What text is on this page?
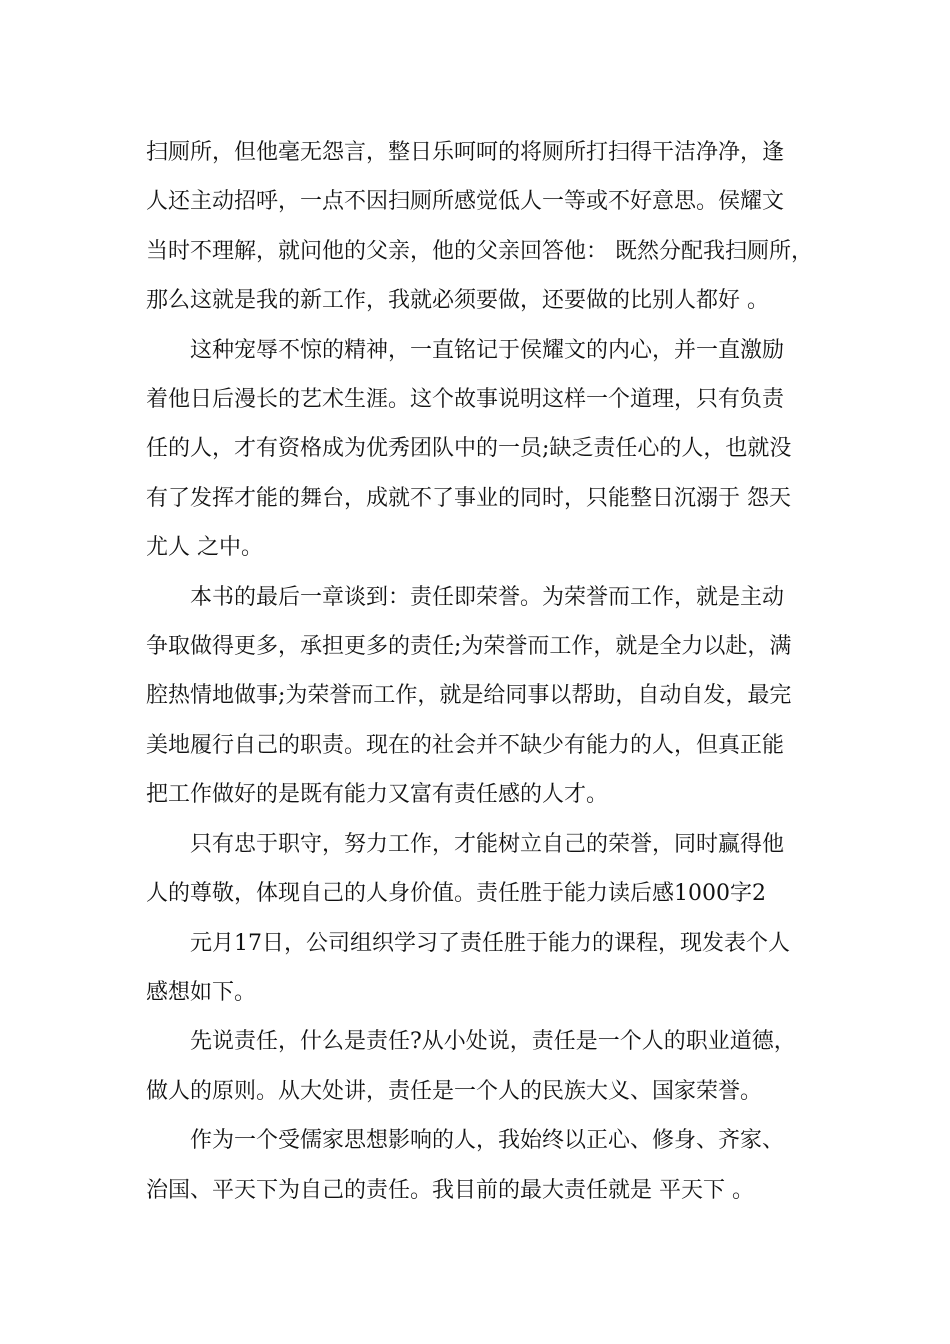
扫厕所，但他毫无怨言，整日乐呵呵的将厕所打扫得干洁净净，逢
人还主动招呼，一点不因扫厕所感觉低人一等或不好意思。侯耀文
当时不理解，就问他的父亲，他的父亲回答他： 既然分配我扫厕所，
那么这就是我的新工作，我就必须要做，还要做的比别人都好 。

这种宠辱不惊的精神，一直铭记于侯耀文的内心，并一直激励
着他日后漫长的艺术生涯。这个故事说明这样一个道理，只有负责
任的人，才有资格成为优秀团队中的一员;缺乏责任心的人，也就没
有了发挥才能的舞台，成就不了事业的同时，只能整日沉溺于 怨天
尤人 之中。

本书的最后一章谈到：责任即荣誉。为荣誉而工作，就是主动
争取做得更多，承担更多的责任;为荣誉而工作，就是全力以赴，满
腔热情地做事;为荣誉而工作，就是给同事以帮助，自动自发，最完
美地履行自己的职责。现在的社会并不缺少有能力的人，但真正能
把工作做好的是既有能力又富有责任感的人才。

只有忠于职守，努力工作，才能树立自己的荣誉，同时赢得他
人的尊敬，体现自己的人身价值。责任胜于能力读后感1000字2

元月17日，公司组织学习了责任胜于能力的课程，现发表个人
感想如下。

先说责任，什么是责任?从小处说，责任是一个人的职业道德，
做人的原则。从大处讲，责任是一个人的民族大义、国家荣誉。

作为一个受儒家思想影响的人，我始终以正心、修身、齐家、
治国、平天下为自己的责任。我目前的最大责任就是 平天下 。
